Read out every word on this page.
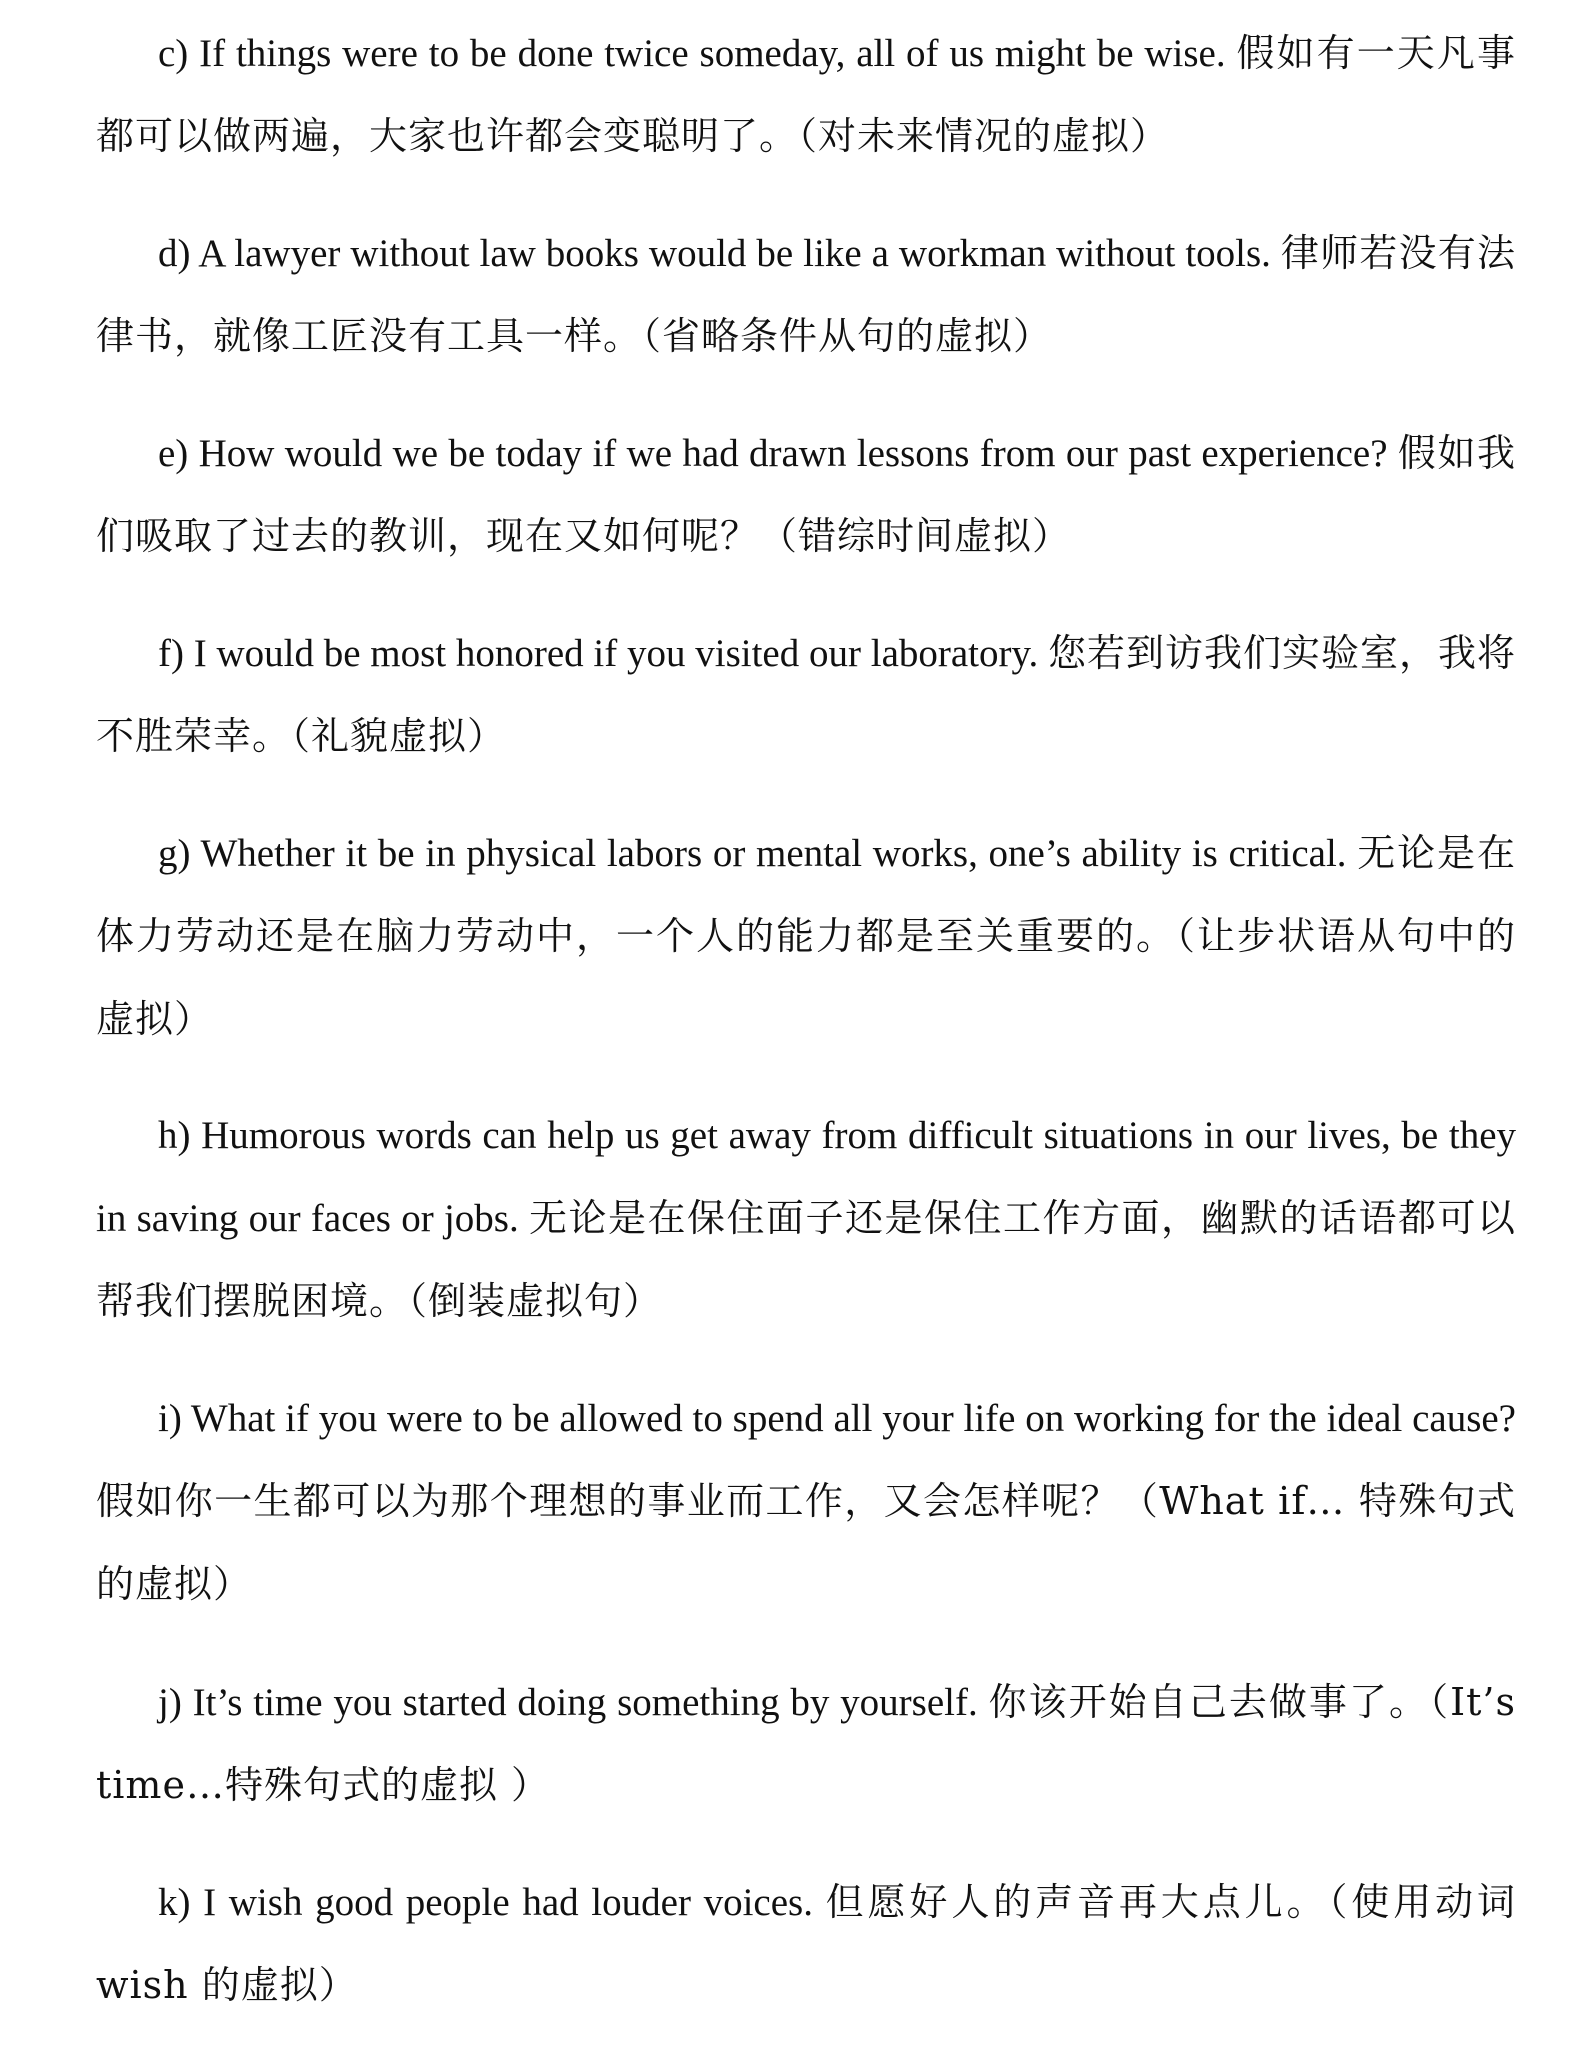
c) If things were to be done twice someday, all of us might be wise. 假如有一天凡事都可以做两遍，大家也许都会变聪明了。（对未来情况的虚拟）

d) A lawyer without law books would be like a workman without tools. 律师若没有法律书，就像工匠没有工具一样。（省略条件从句的虚拟）

e) How would we be today if we had drawn lessons from our past experience? 假如我们吸取了过去的教训，现在又如何呢？（错综时间虚拟）

f) I would be most honored if you visited our laboratory. 您若到访我们实验室，我将不胜荣幸。（礼貌虚拟）

g) Whether it be in physical labors or mental works, one’s ability is critical. 无论是在体力劳动还是在脑力劳动中，一个人的能力都是至关重要的。（让步状语从句中的虚拟）

h) Humorous words can help us get away from difficult situations in our lives, be they in saving our faces or jobs. 无论是在保住面子还是保住工作方面，幽默的话语都可以帮我们摆脱困境。（倒装虚拟句）

i) What if you were to be allowed to spend all your life on working for the ideal cause? 假如你一生都可以为那个理想的事业而工作，又会怎样呢？（What if… 特殊句式的虚拟）

j) It’s time you started doing something by yourself. 你该开始自己去做事了。（It’s time…特殊句式的虚拟 ）

k) I wish good people had louder voices. 但愿好人的声音再大点儿。（使用动词 wish 的虚拟）
